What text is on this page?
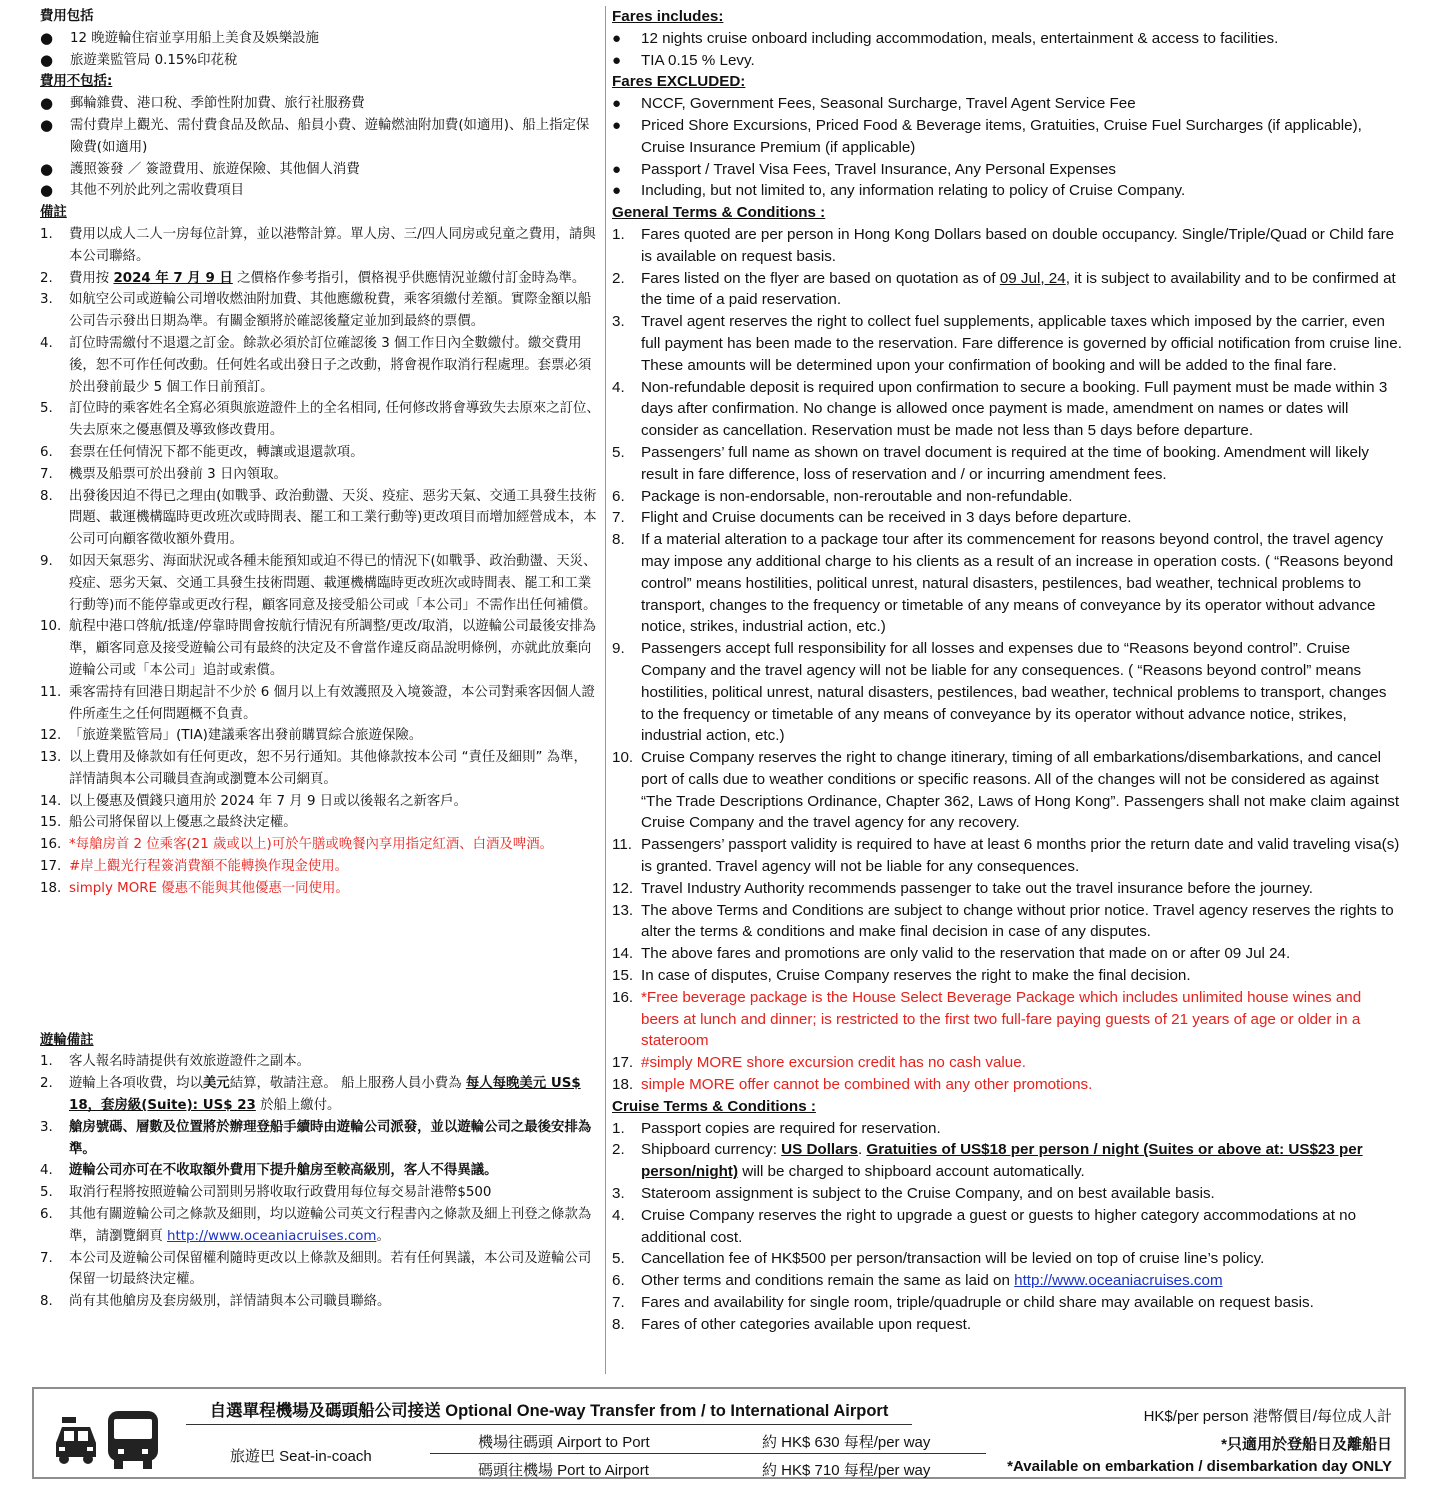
費用包括
● 12 晚遊輪住宿並享用船上美食及娛樂設施
● 旅遊業監管局 0.15%印花稅
費用不包括:
● 郵輪雜費、港口稅、季節性附加費、旅行社服務費
● 需付費岸上觀光、需付費食品及飲品、船員小費、遊輪燃油附加費(如適用)、船上指定保險費(如適用)
● 護照簽發 ／ 簽證費用、旅遊保險、其他個人消費
● 其他不列於此列之需收費項目
備註
1. 費用以成人二人一房每位計算，並以港幣計算。單人房、三/四人同房或兒童之費用，請與本公司聯絡。
2. 費用按 2024 年 7 月 9 日 之價格作參考指引，價格視乎供應情況並繳付訂金時為準。
3. 如航空公司或遊輪公司增收燃油附加費、其他應繳稅費，乘客須繳付差額。實際金額以船公司告示發出日期為準。有關金額將於確認後釐定並加到最終的票價。
4. 訂位時需繳付不退還之訂金。餘款必須於訂位確認後 3 個工作日內全數繳付。繳交費用後，恕不可作任何改動。任何姓名或出發日子之改動，將會視作取消行程處理。套票必須於出發前最少 5 個工作日前預訂。
5. 訂位時的乘客姓名全寫必須與旅遊證件上的全名相同, 任何修改將會導致失去原來之訂位、失去原來之優惠價及導致修改費用。
6. 套票在任何情況下都不能更改，轉讓或退還款項。
7. 機票及船票可於出發前 3 日內領取。
8. 出發後因迫不得已之理由(如戰爭、政治動盪、天災、疫症、惡劣天氣、交通工具發生技術問題、載運機構臨時更改班次或時間表、罷工和工業行動等)更改項目而增加經營成本，本公司可向顧客徵收額外費用。
9. 如因天氣惡劣、海面狀況或各種未能預知或迫不得已的情況下(如戰爭、政治動盪、天災、疫症、惡劣天氣、交通工具發生技術問題、載運機構臨時更改班次或時間表、罷工和工業行動等)而不能停靠或更改行程，顧客同意及接受船公司或「本公司」不需作出任何補償。
10. 航程中港口啓航/抵達/停靠時間會按航行情況有所調整/更改/取消，以遊輪公司最後安排為準，顧客同意及接受遊輪公司有最終的決定及不會當作違反商品說明條例，亦就此放棄向遊輪公司或「本公司」追討或索償。
11. 乘客需持有回港日期起計不少於 6 個月以上有效護照及入境簽證，本公司對乘客因個人證件所產生之任何問題概不負責。
12. 「旅遊業監管局」(TIA)建議乘客出發前購買綜合旅遊保險。
13. 以上費用及條款如有任何更改，恕不另行通知。其他條款按本公司 “責任及細則” 為準，詳情請與本公司職員查詢或瀏覽本公司網頁。
14. 以上優惠及價錢只適用於 2024 年 7 月 9 日或以後報名之新客戶。
15. 船公司將保留以上優惠之最終決定權。
16. *每艙房首 2 位乘客(21 歲或以上)可於午膳或晚餐內享用指定紅酒、白酒及啤酒。
17. #岸上觀光行程簽消費額不能轉換作現金使用。
18. simply MORE 優惠不能與其他優惠一同使用。
遊輪備註
1. 客人報名時請提供有效旅遊證件之副本。
2. 遊輪上各項收費，均以美元結算，敬請注意。 船上服務人員小費為 每人每晚美元 US$ 18，套房級(Suite): US$ 23 於船上繳付。
3. 艙房號碼、層數及位置將於辦理登船手續時由遊輪公司派發，並以遊輪公司之最後安排為準。
4. 遊輪公司亦可在不收取額外費用下提升艙房至較高級別，客人不得異議。
5. 取消行程將按照遊輪公司罰則另將收取行政費用每位每交易計港幣$500
6. 其他有關遊輪公司之條款及細則，均以遊輪公司英文行程書內之條款及細上刊登之條款為準，請瀏覽網頁 http://www.oceaniacruises.com。
7. 本公司及遊輪公司保留權利隨時更改以上條款及細則。若有任何異議，本公司及遊輪公司保留一切最終決定權。
8. 尚有其他艙房及套房級別，詳情請與本公司職員聯絡。
Fares includes:
● 12 nights cruise onboard including accommodation, meals, entertainment & access to facilities.
● TIA 0.15 % Levy.
Fares EXCLUDED:
● NCCF, Government Fees, Seasonal Surcharge, Travel Agent Service Fee
● Priced Shore Excursions, Priced Food & Beverage items, Gratuities, Cruise Fuel Surcharges (if applicable), Cruise Insurance Premium (if applicable)
● Passport / Travel Visa Fees, Travel Insurance, Any Personal Expenses
● Including, but not limited to, any information relating to policy of Cruise Company.
General Terms & Conditions :
1. Fares quoted are per person in Hong Kong Dollars based on double occupancy. Single/Triple/Quad or Child fare is available on request basis.
2. Fares listed on the flyer are based on quotation as of 09 Jul, 24, it is subject to availability and to be confirmed at the time of a paid reservation.
3. Travel agent reserves the right to collect fuel supplements, applicable taxes which imposed by the carrier, even full payment has been made to the reservation. Fare difference is governed by official notification from cruise line. These amounts will be determined upon your confirmation of booking and will be added to the final fare.
4. Non-refundable deposit is required upon confirmation to secure a booking. Full payment must be made within 3 days after confirmation. No change is allowed once payment is made, amendment on names or dates will consider as cancellation. Reservation must be made not less than 5 days before departure.
5. Passengers’ full name as shown on travel document is required at the time of booking. Amendment will likely result in fare difference, loss of reservation and / or incurring amendment fees.
6. Package is non-endorsable, non-reroutable and non-refundable.
7. Flight and Cruise documents can be received in 3 days before departure.
8. If a material alteration to a package tour after its commencement for reasons beyond control, the travel agency may impose any additional charge to his clients as a result of an increase in operation costs. ( “Reasons beyond control” means hostilities, political unrest, natural disasters, pestilences, bad weather, technical problems to transport, changes to the frequency or timetable of any means of conveyance by its operator without advance notice, strikes, industrial action, etc.)
9. Passengers accept full responsibility for all losses and expenses due to “Reasons beyond control”. Cruise Company and the travel agency will not be liable for any consequences. ( “Reasons beyond control” means hostilities, political unrest, natural disasters, pestilences, bad weather, technical problems to transport, changes to the frequency or timetable of any means of conveyance by its operator without advance notice, strikes, industrial action, etc.)
10. Cruise Company reserves the right to change itinerary, timing of all embarkations/disembarkations, and cancel port of calls due to weather conditions or specific reasons. All of the changes will not be considered as against “The Trade Descriptions Ordinance, Chapter 362, Laws of Hong Kong”. Passengers shall not make claim against Cruise Company and the travel agency for any recovery.
11. Passengers’ passport validity is required to have at least 6 months prior the return date and valid traveling visa(s) is granted. Travel agency will not be liable for any consequences.
12. Travel Industry Authority recommends passenger to take out the travel insurance before the journey.
13. The above Terms and Conditions are subject to change without prior notice. Travel agency reserves the rights to alter the terms & conditions and make final decision in case of any disputes.
14. The above fares and promotions are only valid to the reservation that made on or after 09 Jul 24.
15. In case of disputes, Cruise Company reserves the right to make the final decision.
16. *Free beverage package is the House Select Beverage Package which includes unlimited house wines and beers at lunch and dinner; is restricted to the first two full-fare paying guests of 21 years of age or older in a stateroom
17. #simply MORE shore excursion credit has no cash value.
18. simple MORE offer cannot be combined with any other promotions.
Cruise Terms & Conditions :
1. Passport copies are required for reservation.
2. Shipboard currency: US Dollars. Gratuities of US$18 per person / night (Suites or above at: US$23 per person/night) will be charged to shipboard account automatically.
3. Stateroom assignment is subject to the Cruise Company, and on best available basis.
4. Cruise Company reserves the right to upgrade a guest or guests to higher category accommodations at no additional cost.
5. Cancellation fee of HK$500 per person/transaction will be levied on top of cruise line’s policy.
6. Other terms and conditions remain the same as laid on http://www.oceaniacruises.com
7. Fares and availability for single room, triple/quadruple or child share may available on request basis.
8. Fares of other categories available upon request.
自選單程機場及碼頭船公司接送 Optional One-way Transfer from / to International Airport
旅遊巴 Seat-in-coach
機場往碼頭 Airport to Port	約 HK$ 630 每程/per way
碼頭往機場 Port to Airport	約 HK$ 710 每程/per way
HK$/per person 港幣價目/每位成人計
*只適用於登船日及離船日
*Available on embarkation / disembarkation day ONLY
